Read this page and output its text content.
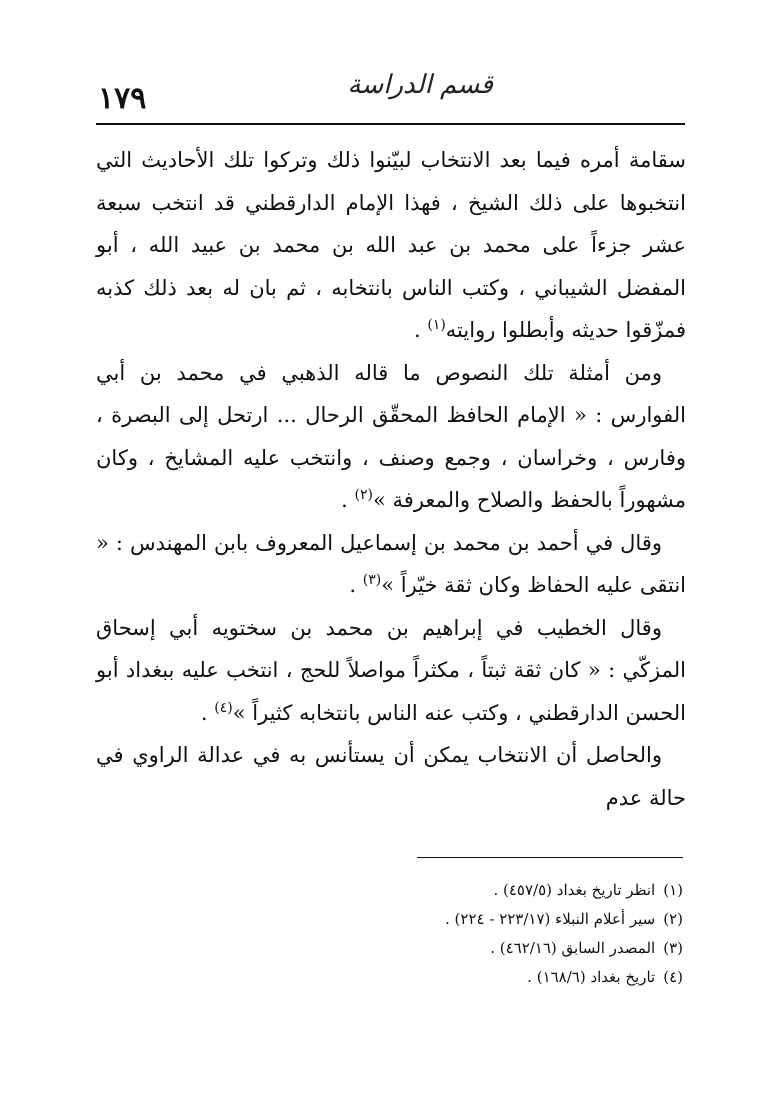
١٧٩	قسم الدراسة

سقامة أمره فيما بعد الانتخاب لبيّنوا ذلك وتركوا تلك الأحاديث التي انتخبوها على ذلك الشيخ ، فهذا الإمام الدارقطني قد انتخب سبعة عشر جزءاً على محمد بن عبد الله بن محمد بن عبيد الله ، أبو المفضل الشيباني ، وكتب الناس بانتخابه ، ثم بان له بعد ذلك كذبه فمزّقوا حديثه وأبطلوا روايته$^{(١)}$ .

ومن أمثلة تلك النصوص ما قاله الذهبي في محمد بن أبي الفوارس : « الإمام الحافظ المحقّق الرحال ... ارتحل إلى البصرة ، وفارس ، وخراسان ، وجمع وصنف ، وانتخب عليه المشايخ ، وكان مشهوراً بالحفظ والصلاح والمعرفة »$^{(٢)}$ .

وقال في أحمد بن محمد بن إسماعيل المعروف بابن المهندس : « انتقى عليه الحفاظ وكان ثقة خيّراً »$^{(٣)}$ .

وقال الخطيب في إبراهيم بن محمد بن سختويه أبي إسحاق المزكّي : « كان ثقة ثبتاً ، مكثراً مواصلاً للحج ، انتخب عليه ببغداد أبو الحسن الدارقطني ، وكتب عنه الناس بانتخابه كثيراً »$^{(٤)}$ .

والحاصل أن الانتخاب يمكن أن يستأنس به في عدالة الراوي في حالة عدم

(١)انظر تاريخ بغداد (٤٥٧/٥) .

(٢)سير أعلام النبلاء (٢٢٣/١٧ - ٢٢٤) .

(٣)المصدر السابق (٤٦٢/١٦) .

(٤)تاريخ بغداد (١٦٨/٦) .
